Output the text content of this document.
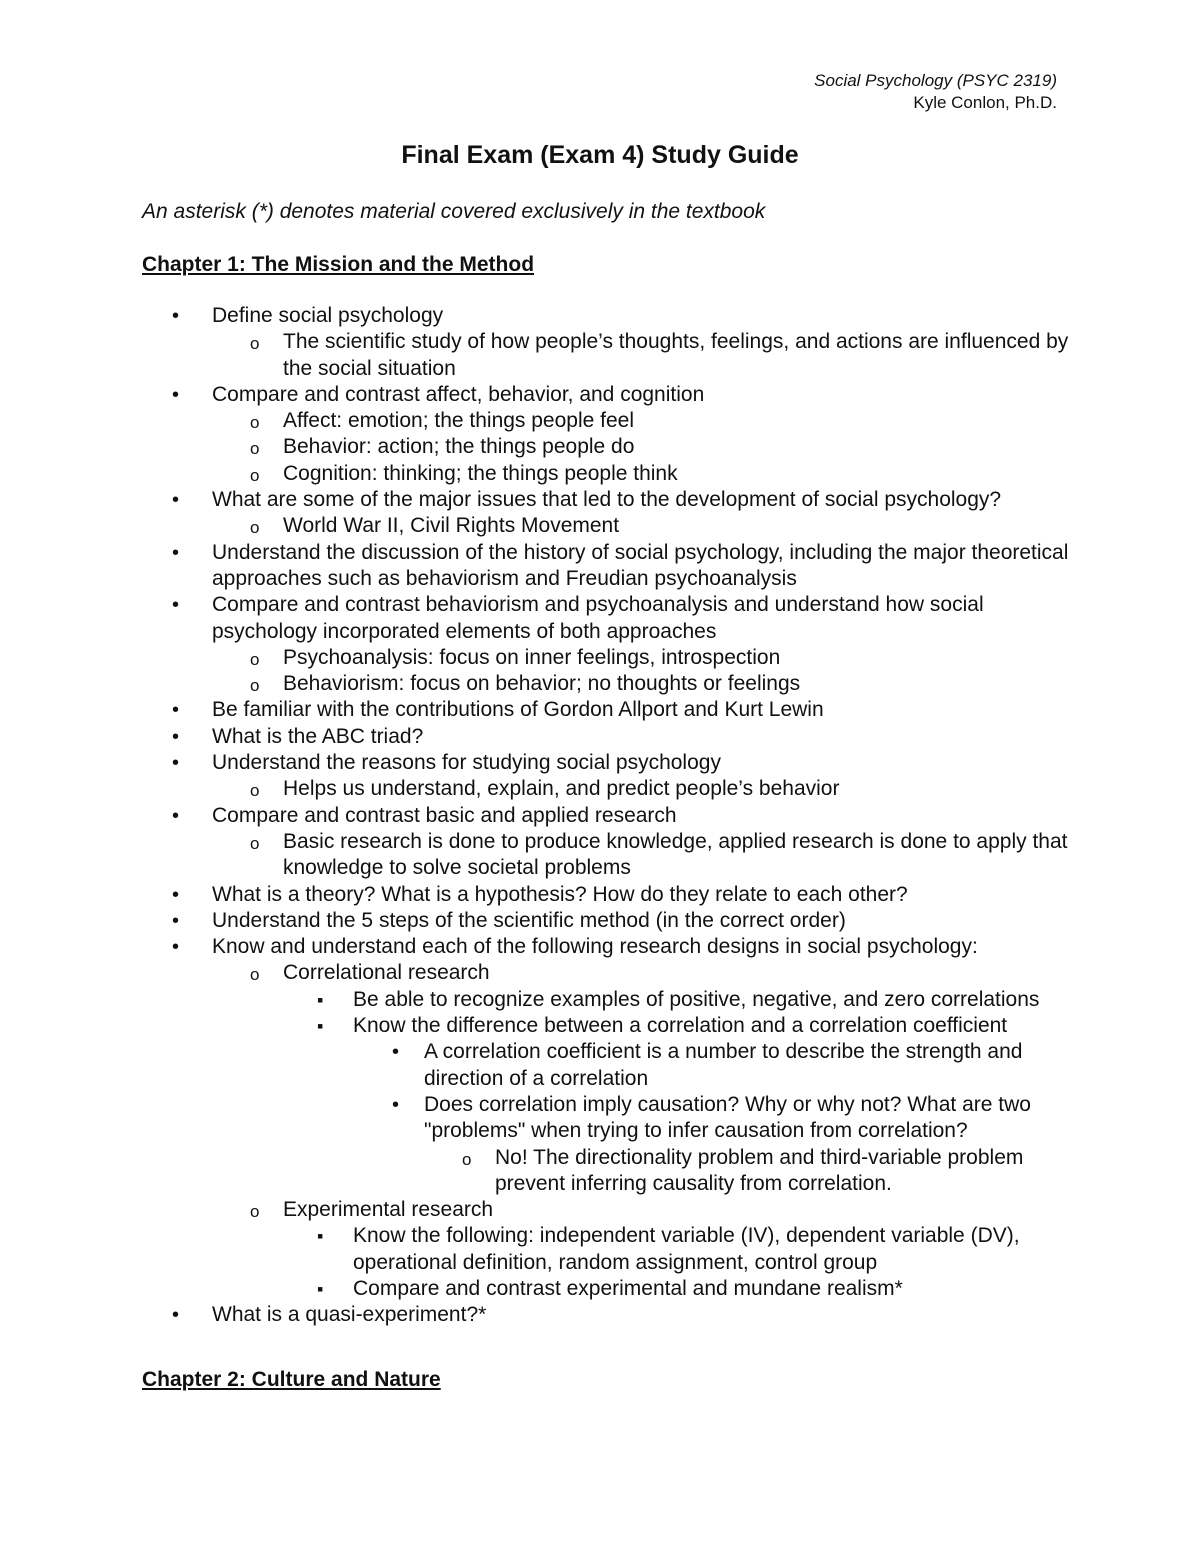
Social Psychology (PSYC 2319)
Kyle Conlon, Ph.D.
Final Exam (Exam 4) Study Guide

An asterisk (*) denotes material covered exclusively in the textbook

Chapter 1: The Mission and the Method
• Define social psychology
o The scientific study of how people’s thoughts, feelings, and actions are influenced by the social situation
• Compare and contrast affect, behavior, and cognition
o Affect: emotion; the things people feel
o Behavior: action; the things people do
o Cognition: thinking; the things people think
• What are some of the major issues that led to the development of social psychology?
o World War II, Civil Rights Movement
• Understand the discussion of the history of social psychology, including the major theoretical approaches such as behaviorism and Freudian psychoanalysis
• Compare and contrast behaviorism and psychoanalysis and understand how social psychology incorporated elements of both approaches
o Psychoanalysis: focus on inner feelings, introspection
o Behaviorism: focus on behavior; no thoughts or feelings
• Be familiar with the contributions of Gordon Allport and Kurt Lewin
• What is the ABC triad?
• Understand the reasons for studying social psychology
o Helps us understand, explain, and predict people’s behavior
• Compare and contrast basic and applied research
o Basic research is done to produce knowledge, applied research is done to apply that knowledge to solve societal problems
• What is a theory? What is a hypothesis? How do they relate to each other?
• Understand the 5 steps of the scientific method (in the correct order)
• Know and understand each of the following research designs in social psychology:
o Correlational research
▪ Be able to recognize examples of positive, negative, and zero correlations
▪ Know the difference between a correlation and a correlation coefficient
• A correlation coefficient is a number to describe the strength and direction of a correlation
• Does correlation imply causation? Why or why not? What are two "problems" when trying to infer causation from correlation?
o No! The directionality problem and third-variable problem prevent inferring causality from correlation.
o Experimental research
▪ Know the following: independent variable (IV), dependent variable (DV), operational definition, random assignment, control group
▪ Compare and contrast experimental and mundane realism*
• What is a quasi-experiment?*
Chapter 2: Culture and Nature
